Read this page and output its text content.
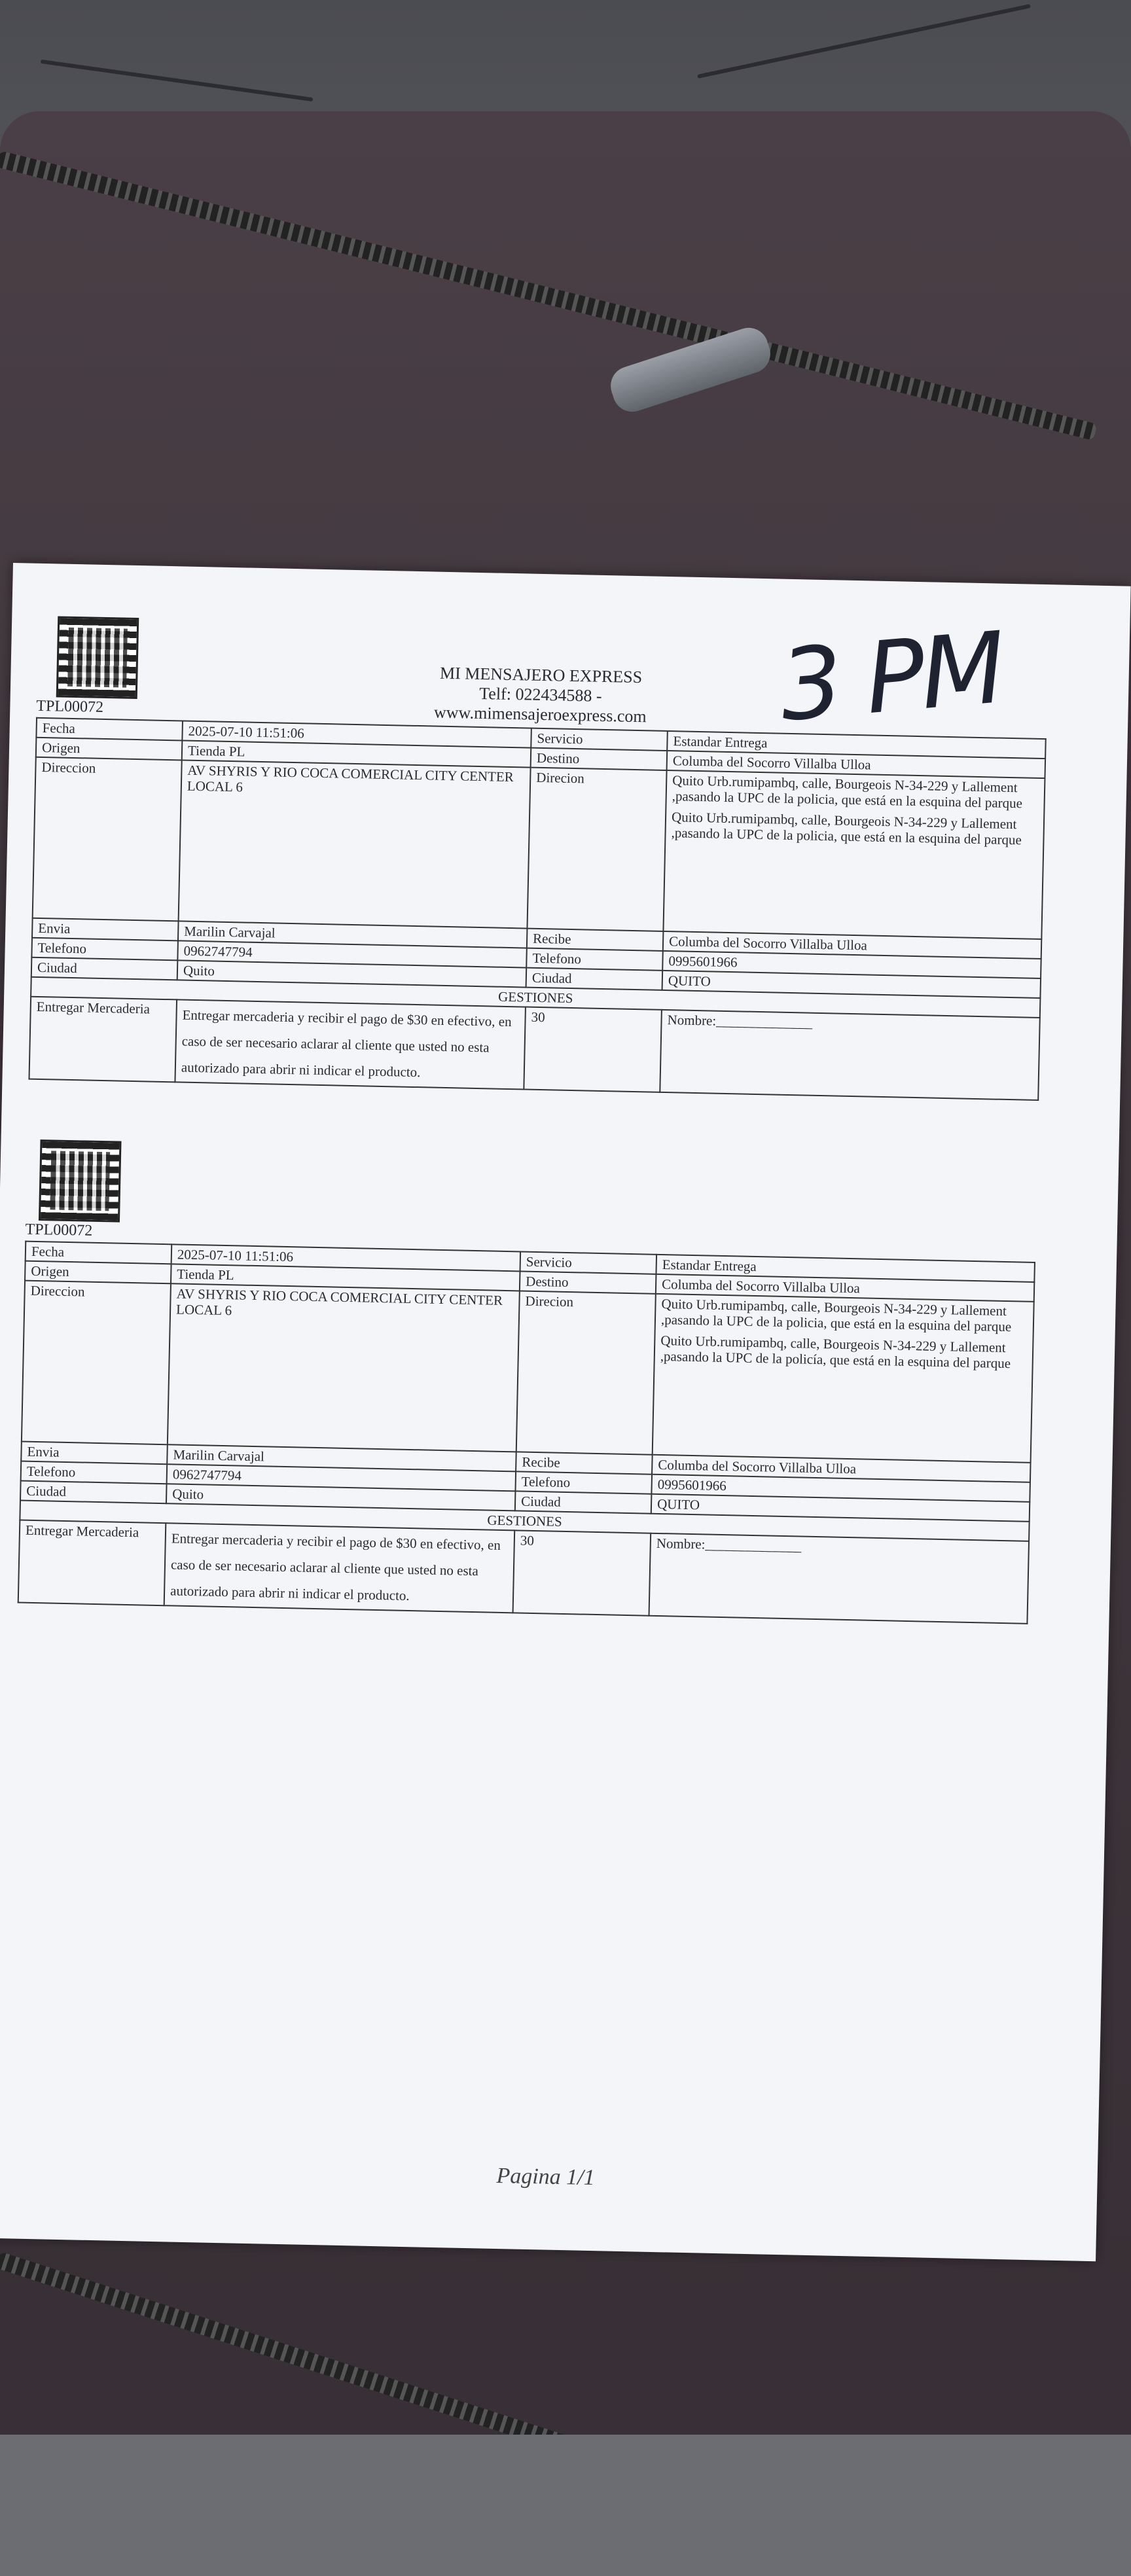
3 PM
MI MENSAJERO EXPRESS
Telf: 022434588 - www.mimensajeroexpress.com
TPL00072
Fecha	2025-07-10 11:51:06	Servicio	Estandar Entrega
Origen	Tienda PL	Destino	Columba del Socorro Villalba Ulloa
Direccion	AV SHYRIS Y RIO COCA COMERCIAL CITY CENTER LOCAL 6	Direcion	Quito Urb.rumipambq, calle, Bourgeois N-34-229 y Lallement ,pasando la UPC de la policia, que está en la esquina del parque
Quito Urb.rumipambq, calle, Bourgeois N-34-229 y Lallement ,pasando la UPC de la policia, que está en la esquina del parque

Envia	Marilin Carvajal	Recibe	Columba del Socorro Villalba Ulloa
Telefono	0962747794	Telefono	0995601966
Ciudad	Quito	Ciudad	QUITO
GESTIONES			
Entregar Mercaderia	Entregar mercaderia y recibir el pago de $30 en efectivo, en caso de ser necesario aclarar al cliente que usted no esta autorizado para abrir ni indicar el producto.	30	Nombre:______________
TPL00072
Fecha	2025-07-10 11:51:06	Servicio	Estandar Entrega
Origen	Tienda PL	Destino	Columba del Socorro Villalba Ulloa
Direccion	AV SHYRIS Y RIO COCA COMERCIAL CITY CENTER LOCAL 6	Direcion	Quito Urb.rumipambq, calle, Bourgeois N-34-229 y Lallement ,pasando la UPC de la policia, que está en la esquina del parque
Quito Urb.rumipambq, calle, Bourgeois N-34-229 y Lallement ,pasando la UPC de la policía, que está en la esquina del parque

Envia	Marilin Carvajal	Recibe	Columba del Socorro Villalba Ulloa
Telefono	0962747794	Telefono	0995601966
Ciudad	Quito	Ciudad	QUITO
GESTIONES			
Entregar Mercaderia	Entregar mercaderia y recibir el pago de $30 en efectivo, en caso de ser necesario aclarar al cliente que usted no esta autorizado para abrir ni indicar el producto.	30	Nombre:______________
Pagina 1/1
